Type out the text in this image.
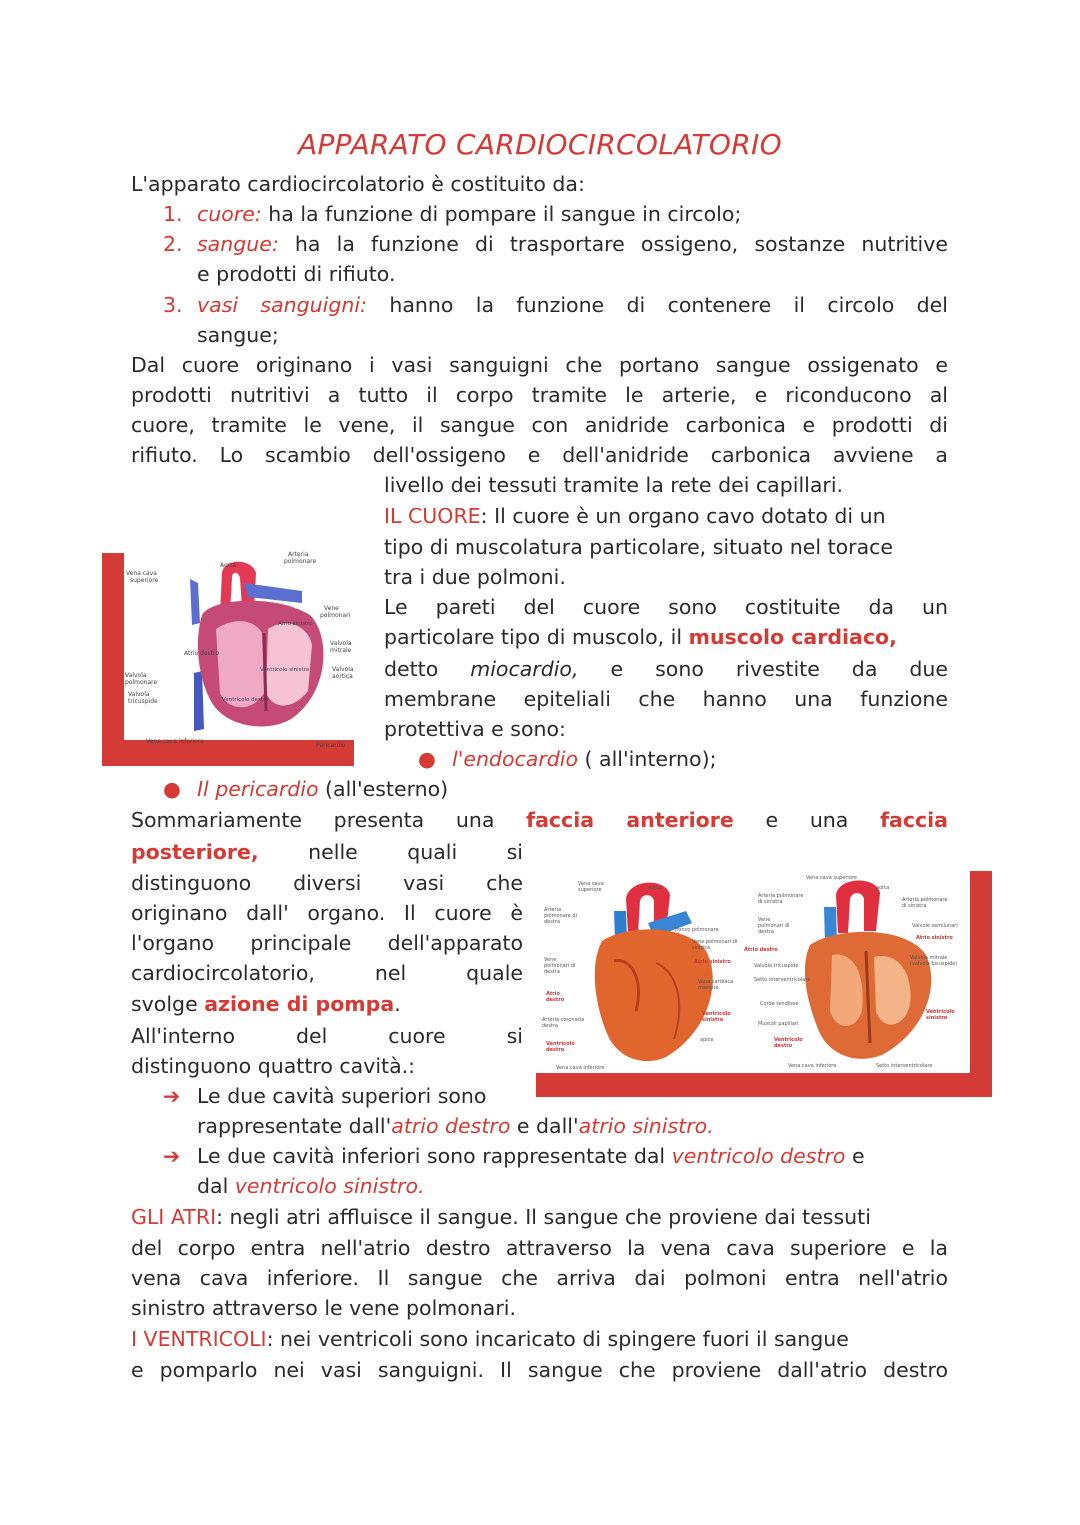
APPARATO CARDIOCIRCOLATORIO
L'apparato cardiocircolatorio è costituito da:
1. cuore: ha la funzione di pompare il sangue in circolo;
2. sangue: ha la funzione di trasportare ossigeno, sostanze nutritive
e prodotti di rifiuto.
3. vasi sanguigni: hanno la funzione di contenere il circolo del
sangue;
Dal cuore originano i vasi sanguigni che portano sangue ossigenato e
prodotti nutritivi a tutto il corpo tramite le arterie, e riconducono al
cuore, tramite le vene, il sangue con anidride carbonica e prodotti di
rifiuto. Lo scambio dell'ossigeno e dell'anidride carbonica avviene a
livello dei tessuti tramite la rete dei capillari.
Vena cava
superiore
Aorta
Arteria
polmonare
Vene
polmonari
Atrio sinistro
Valvola
mitrale
Ventricolo sinistro	Valvola
aortica
Atrio destro
Valvola
polmonare
Valvola
tricuspide	Ventricolo destro
Vena cava inferiore
Pericardio
IL CUORE: Il cuore è un organo cavo dotato di un
tipo di muscolatura particolare, situato nel torace
tra i due polmoni.
Le pareti del cuore sono costituite da un
particolare tipo di muscolo, il muscolo cardiaco,
detto miocardio, e sono rivestite da due
membrane epiteliali che hanno una funzione
protettiva e sono:
● l'endocardio ( all'interno);
● Il pericardio (all'esterno)
Sommariamente presenta una faccia anteriore e una faccia
posteriore, nelle quali si
distinguono diversi vasi che
originano dall' organo. Il cuore è
l'organo principale dell'apparato
cardiocircolatorio, nel quale
svolge azione di pompa.
All'interno del cuore si
distinguono quattro cavità.:
Vena cava
superiore	aorta
Arteria
polmonare di
destra
Tronco polmonare
Vene polmonari di
sinistra
Atrio sinistro
Vene
polmonari di
destra
Atrio
destro
Vena cardiaca
maestra
Arteria coronaria
destra
Ventricolo
sinistro
Ventricolo
destro
apice
Vena cava inferiore
Vena cava superiore
aorta
Arteria polmonare
di sinistra	Arteria polmonare
di sinistra
Vene
polmonari di
destra
Valvole semilunari
Atrio sinistro
Atrio destro
Valvola tricuspide
Valvola mitrale
(valvola bicuspide)
Setto interventricolare
Corde tendinee
Muscoli papillari
Ventricolo
sinistro
Ventricolo
destro
Vena cava inferiore	Setto interventricolare
➔ Le due cavità superiori sono
rappresentate dall'atrio destro e dall'atrio sinistro.
➔ Le due cavità inferiori sono rappresentate dal ventricolo destro e
dal ventricolo sinistro.
GLI ATRI: negli atri affluisce il sangue. Il sangue che proviene dai tessuti
del corpo entra nell'atrio destro attraverso la vena cava superiore e la
vena cava inferiore. Il sangue che arriva dai polmoni entra nell'atrio
sinistro attraverso le vene polmonari.
I VENTRICOLI: nei ventricoli sono incaricato di spingere fuori il sangue
e pomparlo nei vasi sanguigni. Il sangue che proviene dall'atrio destro
